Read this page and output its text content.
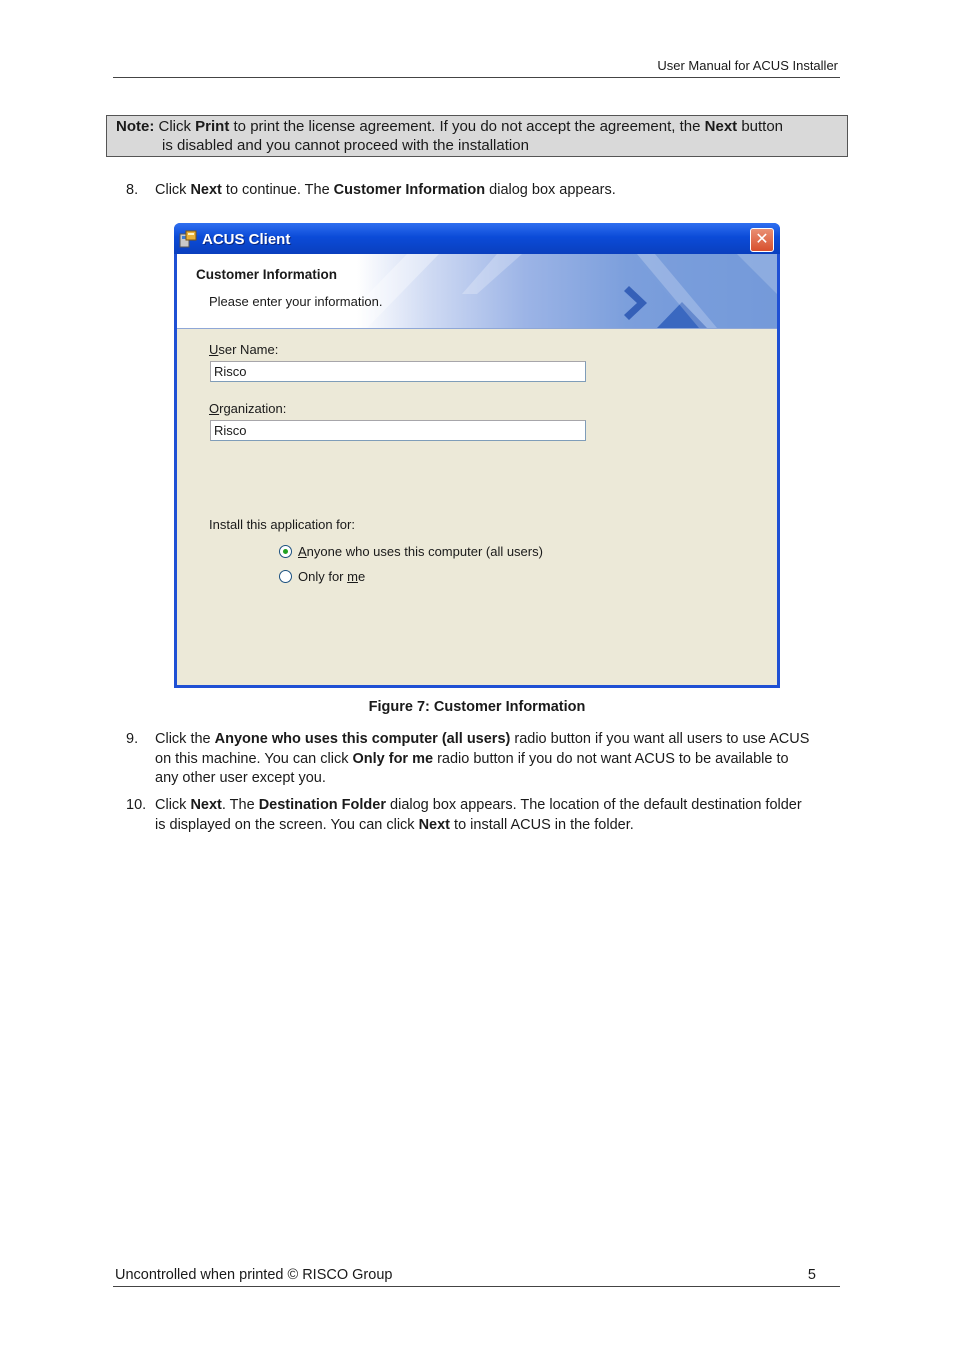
User Manual for ACUS Installer
Note: Click Print to print the license agreement. If you do not accept the agreement, the Next button
is disabled and you cannot proceed with the installation
8. Click Next to continue. The Customer Information dialog box appears.
ACUS Client	✕
Customer Information
Please enter your information.
User Name:
Risco
Organization:
Risco
Install this application for:
Anyone who uses this computer (all users)
Only for me
Figure 7: Customer Information
9. Click the Anyone who uses this computer (all users) radio button if you want all users to use ACUS
on this machine. You can click Only for me radio button if you do not want ACUS to be available to
any other user except you.
10. Click Next. The Destination Folder dialog box appears. The location of the default destination folder
is displayed on the screen. You can click Next to install ACUS in the folder.
Uncontrolled when printed © RISCO Group	5
